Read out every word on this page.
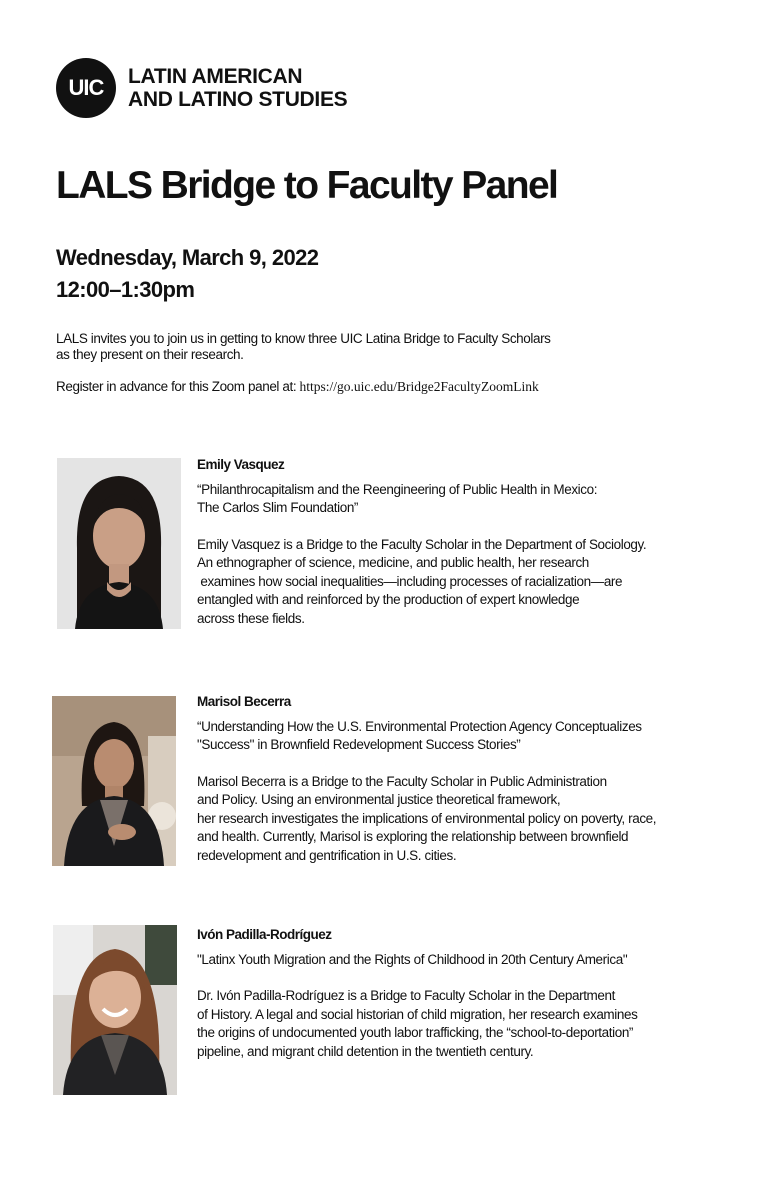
UIC	LATIN AMERICAN
AND LATINO STUDIES
LALS Bridge to Faculty Panel
Wednesday, March 9, 2022
12:00–1:30pm
LALS invites you to join us in getting to know three UIC Latina Bridge to Faculty Scholars
as they present on their research.
Register in advance for this Zoom panel at: https://go.uic.edu/Bridge2FacultyZoomLink
Emily Vasquez
“Philanthrocapitalism and the Reengineering of Public Health in Mexico:
The Carlos Slim Foundation”
Emily Vasquez is a Bridge to the Faculty Scholar in the Department of Sociology.
An ethnographer of science, medicine, and public health, her research
examines how social inequalities—including processes of racialization—are
entangled with and reinforced by the production of expert knowledge
across these fields.
Marisol Becerra
“Understanding How the U.S. Environmental Protection Agency Conceptualizes
"Success" in Brownfield Redevelopment Success Stories”
Marisol Becerra is a Bridge to the Faculty Scholar in Public Administration
and Policy. Using an environmental justice theoretical framework,
her research investigates the implications of environmental policy on poverty, race,
and health. Currently, Marisol is exploring the relationship between brownfield
redevelopment and gentrification in U.S. cities.
Ivón Padilla-Rodríguez
"Latinx Youth Migration and the Rights of Childhood in 20th Century America"
Dr. Ivón Padilla-Rodríguez is a Bridge to Faculty Scholar in the Department
of History. A legal and social historian of child migration, her research examines
the origins of undocumented youth labor trafficking, the “school-to-deportation”
pipeline, and migrant child detention in the twentieth century.
